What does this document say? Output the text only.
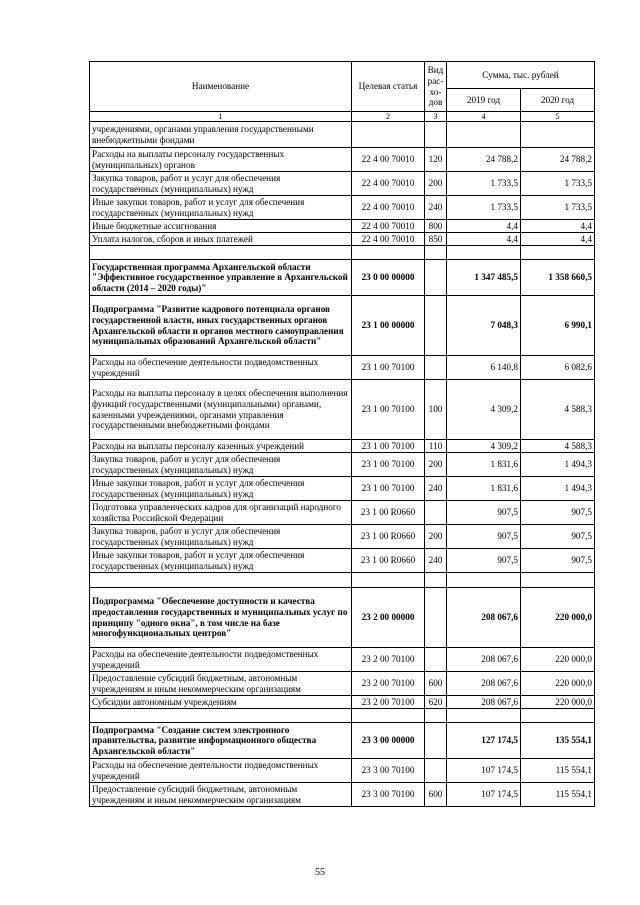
Наименование	Целевая статья	Вид
рас-
хо-
дов	Сумма, тыс. рублей	
			2019 год	2020 год
1	2	3	4	5
учреждениями, органами управления государственными внебюджетными фондами				
Расходы на выплаты персоналу государственных (муниципальных) органов	22 4 00 70010	120	24 788,2	24 788,2
Закупка товаров, работ и услуг для обеспечения государственных (муниципальных) нужд	22 4 00 70010	200	1 733,5	1 733,5
Иные закупки товаров, работ и услуг для обеспечения государственных (муниципальных) нужд	22 4 00 70010	240	1 733,5	1 733,5
Иные бюджетные ассигнования	22 4 00 70010	800	4,4	4,4
Уплата налогов, сборов и иных платежей	22 4 00 70010	850	4,4	4,4

Государственная программа Архангельской области "Эффективное государственное управление в Архангельской области (2014 – 2020 годы)"	23 0 00 00000		1 347 485,5	1 358 660,5
Подпрограмма "Развитие кадрового потенциала органов государственной власти, иных государственных органов Архангельской области и органов местного самоуправления муниципальных образований Архангельской области"	23 1 00 00000		7 048,3	6 990,1
Расходы на обеспечение деятельности подведомственных учреждений	23 1 00 70100		6 140,8	6 082,6
Расходы на выплаты персоналу в целях обеспечения выполнения функций государственными (муниципальными) органами, казенными учреждениями, органами управления государственными внебюджетными фондами	23 1 00 70100	100	4 309,2	4 588,3
Расходы на выплаты персоналу казенных учреждений	23 1 00 70100	110	4 309,2	4 588,3
Закупка товаров, работ и услуг для обеспечения государственных (муниципальных) нужд	23 1 00 70100	200	1 831,6	1 494,3
Иные закупки товаров, работ и услуг для обеспечения государственных (муниципальных) нужд	23 1 00 70100	240	1 831,6	1 494,3
Подготовка управленческих кадров для организаций народного хозяйства Российской Федерации	23 1 00 R0660		907,5	907,5
Закупка товаров, работ и услуг для обеспечения государственных (муниципальных) нужд	23 1 00 R0660	200	907,5	907,5
Иные закупки товаров, работ и услуг для обеспечения государственных (муниципальных) нужд	23 1 00 R0660	240	907,5	907,5

Подпрограмма "Обеспечение доступности и качества предоставления государственных и муниципальных услуг по принципу "одного окна", в том числе на базе многофункциональных центров"	23 2 00 00000		208 067,6	220 000,0
Расходы на обеспечение деятельности подведомственных учреждений	23 2 00 70100		208 067,6	220 000,0
Предоставление субсидий бюджетным, автономным учреждениям и иным некоммерческим организациям	23 2 00 70100	600	208 067,6	220 000,0
Субсидии автономным учреждениям	23 2 00 70100	620	208 067,6	220 000,0

Подпрограмма "Создание систем электронного правительства, развитие информационного общества Архангельской области"	23 3 00 00000		127 174,5	135 554,1
Расходы на обеспечение деятельности подведомственных учреждений	23 3 00 70100		107 174,5	115 554,1
Предоставление субсидий бюджетным, автономным учреждениям и иным некоммерческим организациям	23 3 00 70100	600	107 174,5	115 554,1
55
